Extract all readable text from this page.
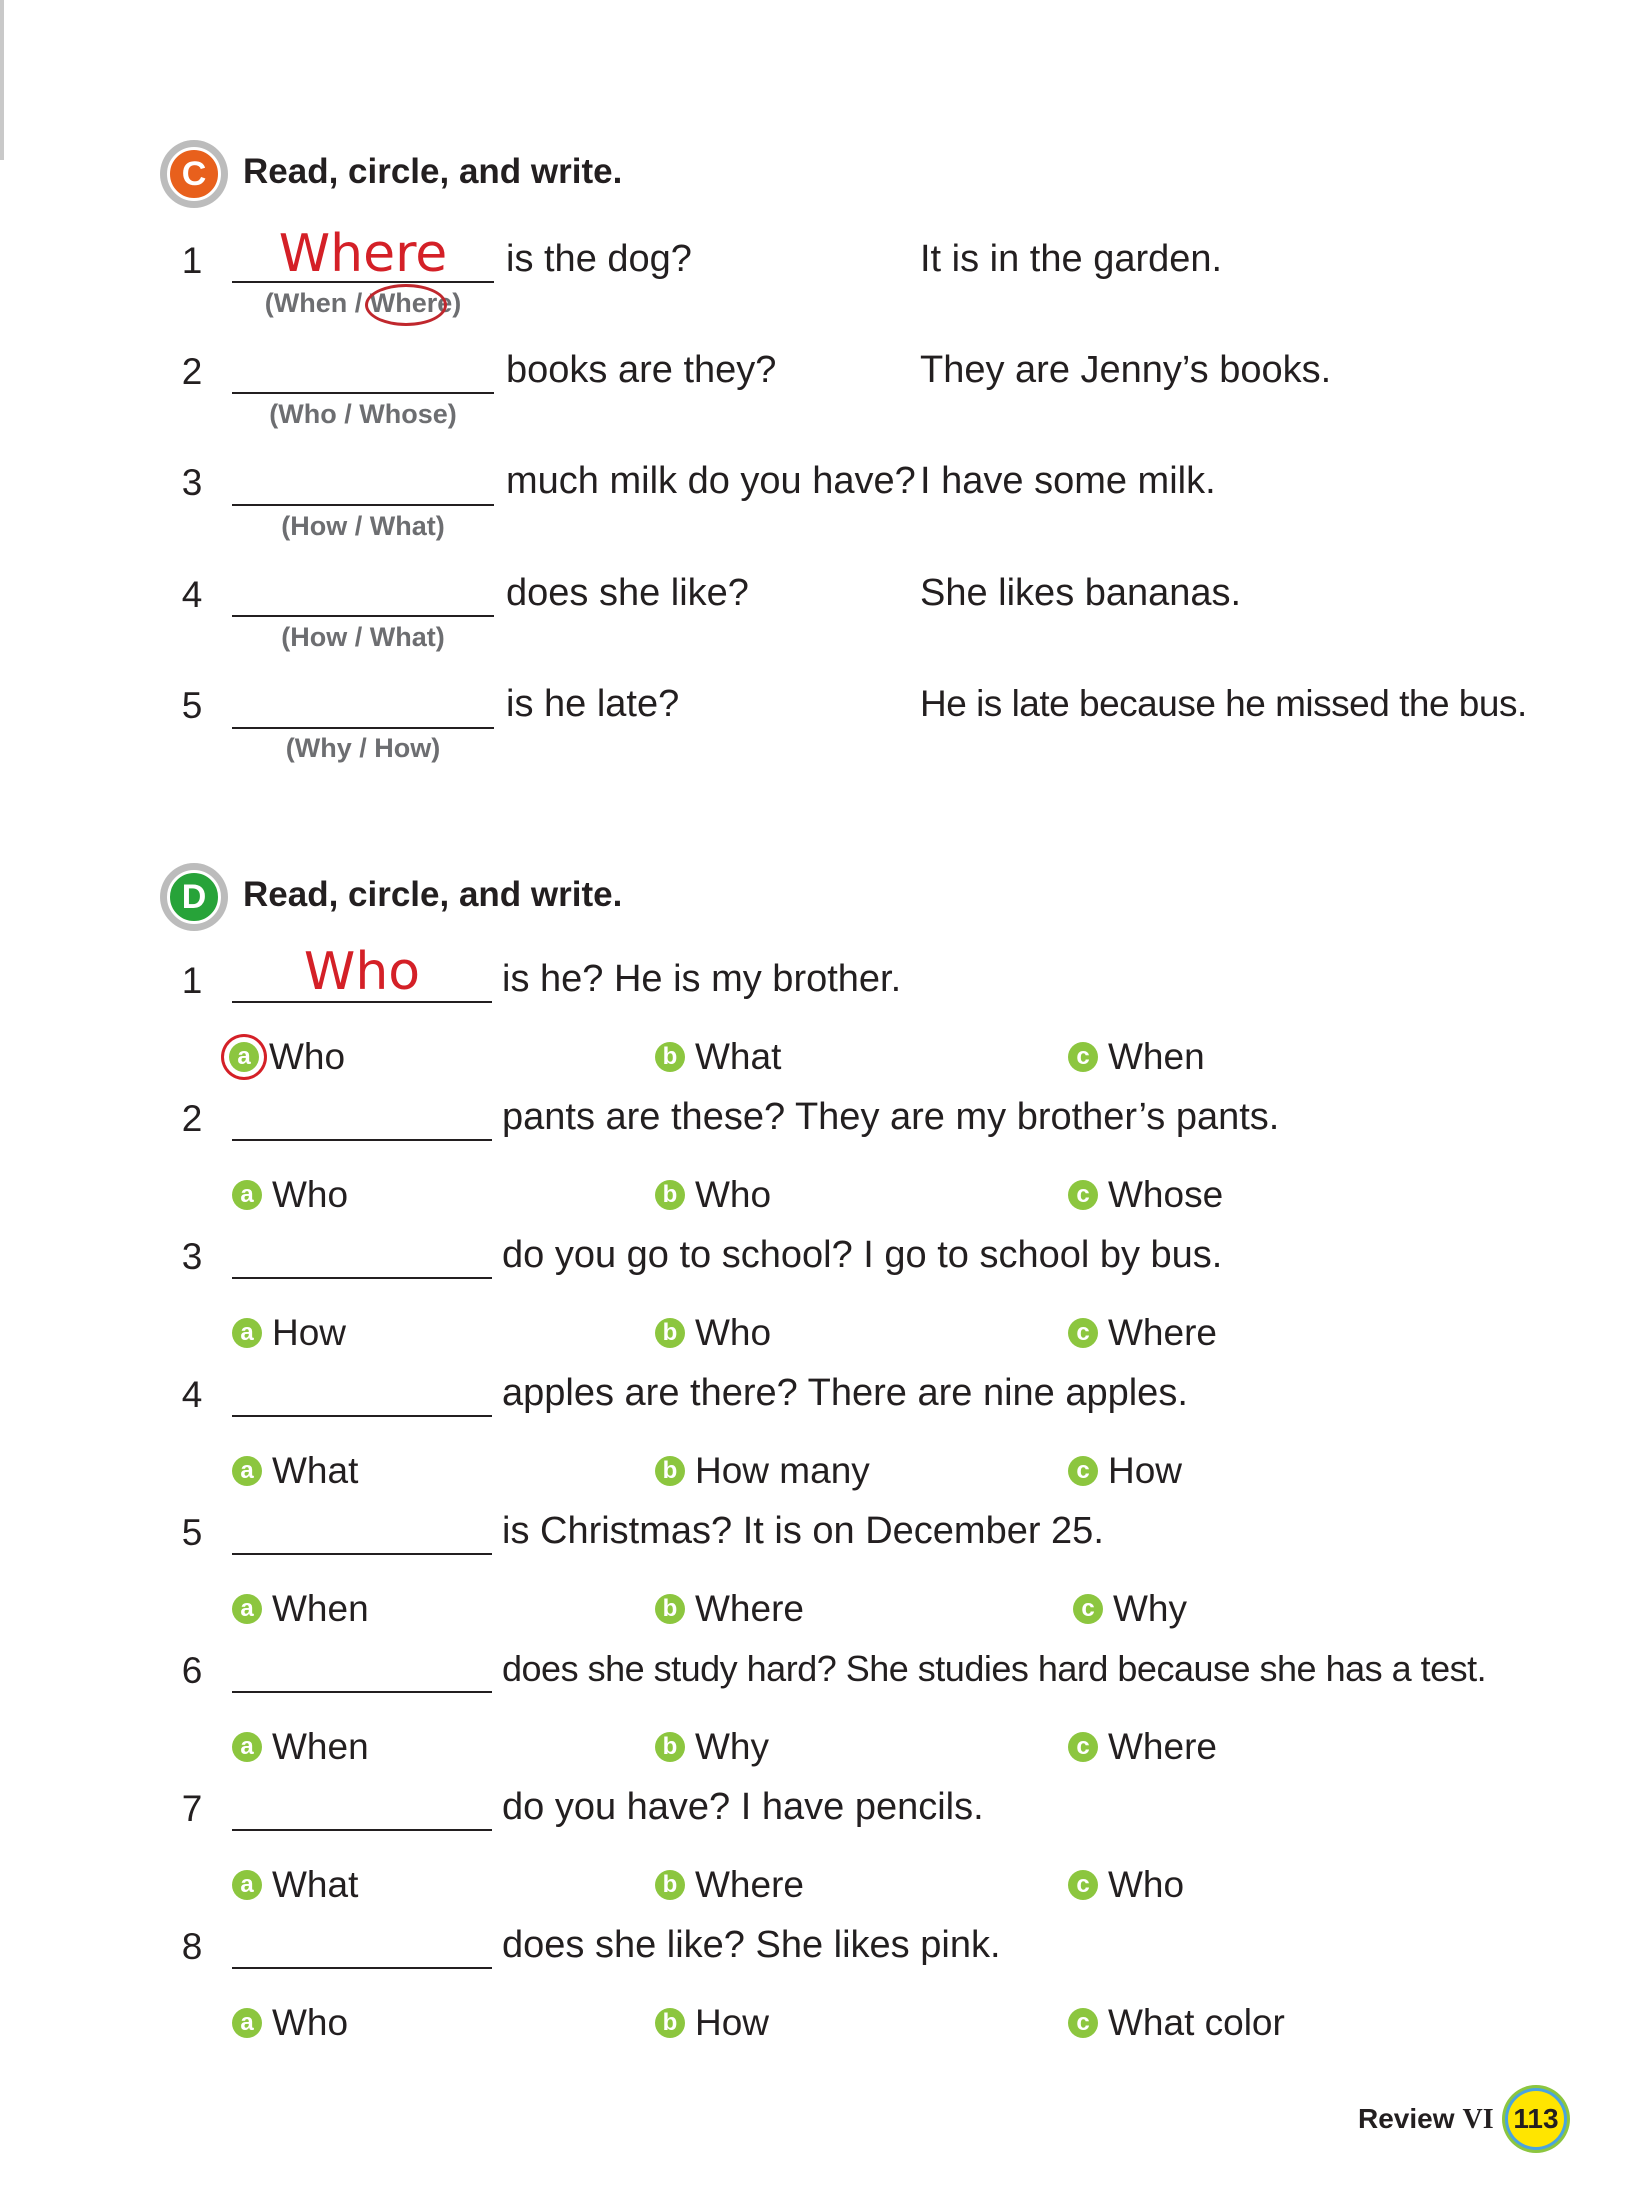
C	Read, circle, and write.
1	Where
(When / Where)
is the dog?	It is in the garden.
2
(Who / Whose)
books are they?	They are Jenny’s books.
3
(How / What)
much milk do you have? I have some milk.
4
(How / What)
does she like?	She likes bananas.
5
(Why / How)
is he late?	He is late because he missed the bus.
D	Read, circle, and write.
1	Who	is he? He is my brother.
a Who	b What	c When
2	pants are these? They are my brother’s pants.
a Who	b Who	c Whose
3	do you go to school? I go to school by bus.
a How	b Who	c Where
4	apples are there? There are nine apples.
a What	b How many	c How
5	is Christmas? It is on December 25.
a When	b Where	c Why
6	does she study hard? She studies hard because she has a test.
a When	b Why	c Where
7	do you have? I have pencils.
a What	b Where	c Who
8	does she like? She likes pink.
a Who	b How	c What color
Review VI 113
